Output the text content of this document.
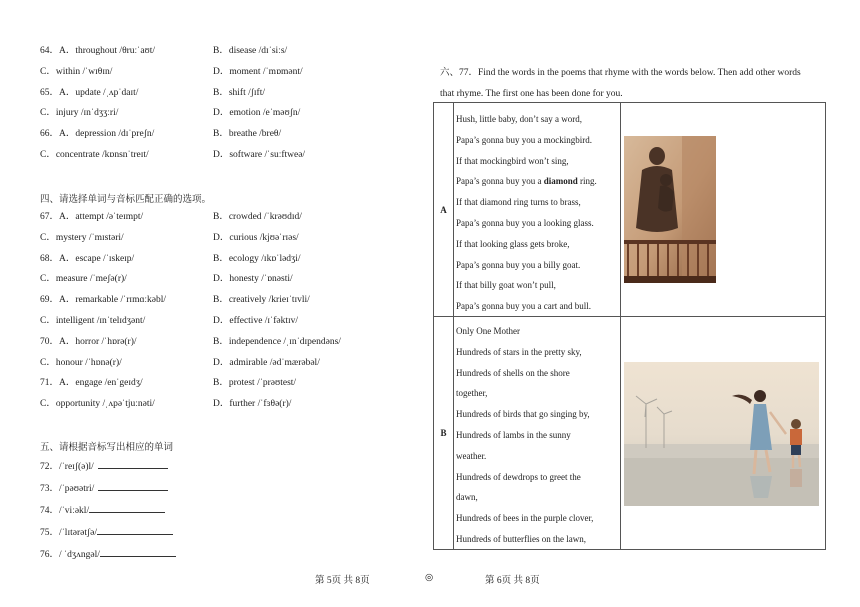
64．A．throughout /θruːˈaʊt/	B．disease /dɪˈsiːs/
C．within /ˈwɪθɪn/	D．moment /ˈmɒmənt/
65．A．update /ˌʌpˈdaɪt/	B．shift /ʃɪft/
C．injury /ɪnˈdʒʒːri/	D．emotion /eˈməʊʃn/
66．A．depression /dɪˈpreʃn/	B．breathe /breθ/
C．concentrate /kɒnsnˈtreɪt/	D．software /ˈsuːftweə/
四、请选择单词与音标匹配正确的选项。
67．A．attempt /əˈteɪmpt/	B．crowded /ˈkrəʊdɪd/
C．mystery /ˈmɪstəri/	D．curious /kjʊəˈrɪəs/
68．A．escape /ˈɪskeɪp/	B．ecology /ɪkɒˈlədʒi/
C．measure /ˈmeʃə(r)/	D．honesty /ˈɒnəsti/
69．A．remarkable /ˈrɪmɑːkəbl/	B．creatively /krieɪˈtɪvli/
C．intelligent /ɪnˈtelɪdʒənt/	D．effective /ɪˈfəktɪv/
70．A．horror /ˈhɒrə(r)/	B．independence /ˌɪnˈdɪpendəns/
C．honour /ˈhɒnə(r)/	D．admirable /ədˈmærəbəl/
71．A．engage /enˈgeɪdʒ/	B．protest /ˈprəʊtest/
C．opportunity /ˌʌpəˈtjuːnəti/	D．further /ˈfɜθə(r)/
五、请根据音标写出相应的单词
72．/ˈreɪʃ(ə)l/
73．/ˈpəʊətri/
74．/ˈviːəkl/
75．/ˈlɪtərətʃə/
76．/ ˈdʒʌngəl/
六、77．Find the words in the poems that rhyme with the words below. Then add other words
that rhyme. The first one has been done for you.
A
Hush, little baby, don’t say a word,
Papa’s gonna buy you a mockingbird.
If that mockingbird won’t sing,
Papa’s gonna buy you a diamond ring.
If that diamond ring turns to brass,
Papa’s gonna buy you a looking glass.
If that looking glass gets broke,
Papa’s gonna buy you a billy goat.
If that billy goat won’t pull,
Papa’s gonna buy you a cart and bull.
B
Only One Mother
Hundreds of stars in the pretty sky,
Hundreds of shells on the shore
together,
Hundreds of birds that go singing by,
Hundreds of lambs in the sunny
weather.
Hundreds of dewdrops to greet the
dawn,
Hundreds of bees in the purple clover,
Hundreds of butterflies on the lawn,
第 5页 共 8页	◎	第 6页 共 8页
